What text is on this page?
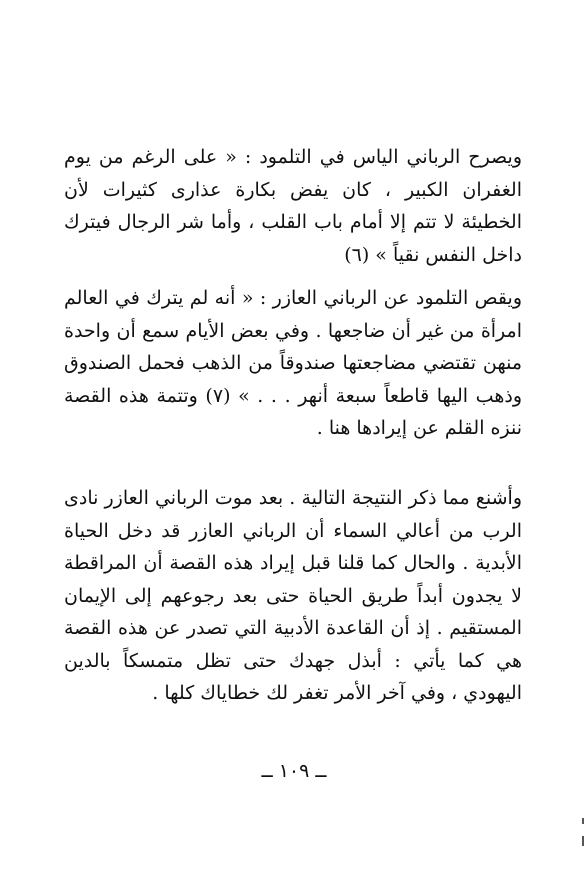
ويصرح الرباني الياس في التلمود : « على الرغم من يوم الغفران الكبير ، كان يفض بكارة عذارى كثيرات لأن الخطيئة لا تتم إلا أمام باب القلب ، وأما شر الرجال فيترك داخل النفس نقياً » (٦)

ويقص التلمود عن الرباني العازر : « أنه لم يترك في العالم امرأة من غير أن ضاجعها . وفي بعض الأيام سمع أن واحدة منهن تقتضي مضاجعتها صندوقاً من الذهب فحمل الصندوق وذهب اليها قاطعاً سبعة أنهر . . . » (٧) وتتمة هذه القصة ننزه القلم عن إيرادها هنا .

وأشنع مما ذكر النتيجة التالية . بعد موت الرباني العازر نادى الرب من أعالي السماء أن الرباني العازر قد دخل الحياة الأبدية . والحال كما قلنا قبل إيراد هذه القصة أن المراقطة لا يجدون أبداً طريق الحياة حتى بعد رجوعهم إلى الإيمان المستقيم . إذ أن القاعدة الأدبية التي تصدر عن هذه القصة هي كما يأتي : أبذل جهدك حتى تظل متمسكاً بالدين اليهودي ، وفي آخر الأمر تغفر لك خطاياك كلها .

ــ ١٠٩ ــ
